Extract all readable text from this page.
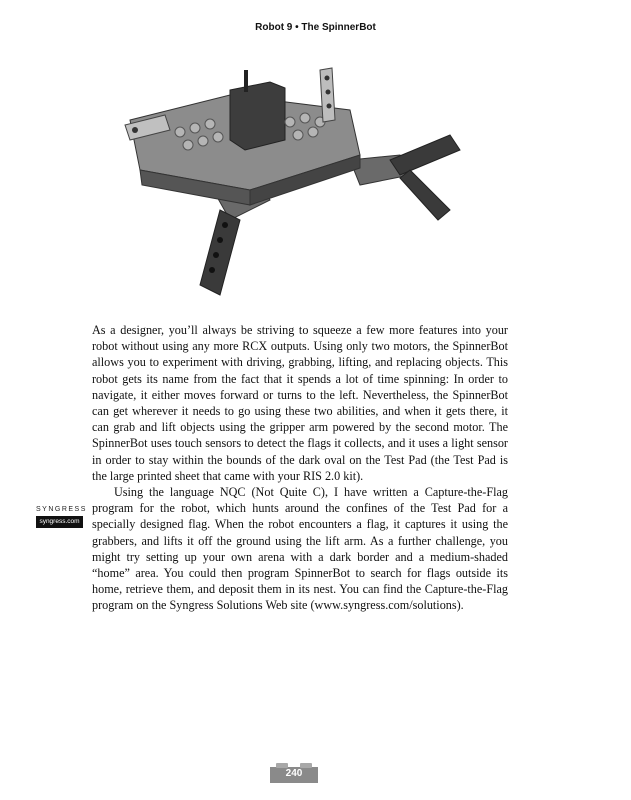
Robot 9 • The SpinnerBot
SYNGRESS
syngress.com

As a designer, you’ll always be striving to squeeze a few more features into your robot without using any more RCX outputs. Using only two motors, the SpinnerBot allows you to experiment with driving, grabbing, lifting, and replacing objects. This robot gets its name from the fact that it spends a lot of time spinning: In order to navigate, it either moves forward or turns to the left. Nevertheless, the SpinnerBot can get wherever it needs to go using these two abilities, and when it gets there, it can grab and lift objects using the gripper arm powered by the second motor. The SpinnerBot uses touch sensors to detect the flags it collects, and it uses a light sensor in order to stay within the bounds of the dark oval on the Test Pad (the Test Pad is the large printed sheet that came with your RIS 2.0 kit).

Using the language NQC (Not Quite C), I have written a Capture-the-Flag program for the robot, which hunts around the confines of the Test Pad for a specially designed flag. When the robot encounters a flag, it captures it using the grabbers, and lifts it off the ground using the lift arm. As a further challenge, you might try setting up your own arena with a dark border and a medium-shaded “home” area. You could then program SpinnerBot to search for flags outside its home, retrieve them, and deposit them in its nest. You can find the Capture-the-Flag program on the Syngress Solutions Web site (www.syngress.com/solutions).

240
